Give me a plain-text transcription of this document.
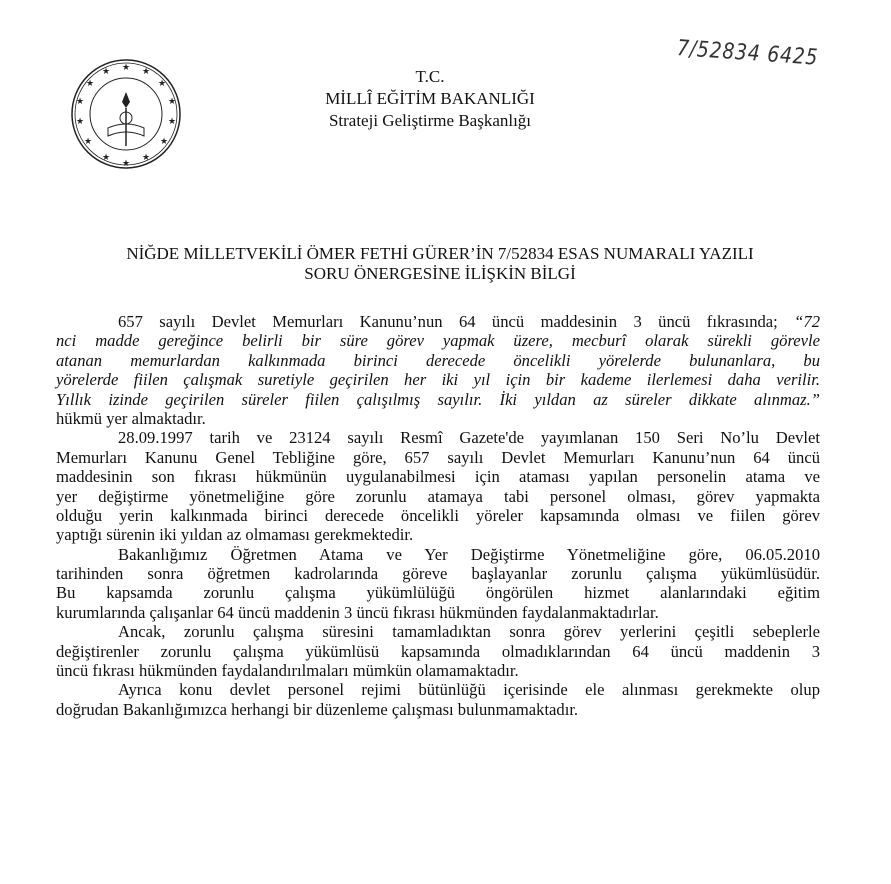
★
★	★
★	★
★	★
★	★
★	★
★	★
★
7/52834 6425
T.C.
MİLLÎ EĞİTİM BAKANLIĞI
Strateji Geliştirme Başkanlığı
NİĞDE MİLLETVEKİLİ ÖMER FETHİ GÜRER’İN 7/52834 ESAS NUMARALI YAZILI
SORU ÖNERGESİNE İLİŞKİN BİLGİ
657 sayılı Devlet Memurları Kanunu’nun 64 üncü maddesinin 3 üncü fıkrasında; “72
nci madde gereğince belirli bir süre görev yapmak üzere, mecburî olarak sürekli görevle
atanan memurlardan kalkınmada birinci derecede öncelikli yörelerde bulunanlara, bu
yörelerde fiilen çalışmak suretiyle geçirilen her iki yıl için bir kademe ilerlemesi daha verilir.
Yıllık izinde geçirilen süreler fiilen çalışılmış sayılır. İki yıldan az süreler dikkate alınmaz.”
hükmü yer almaktadır.
28.09.1997 tarih ve 23124 sayılı Resmî Gazete'de yayımlanan 150 Seri No’lu Devlet
Memurları Kanunu Genel Tebliğine göre, 657 sayılı Devlet Memurları Kanunu’nun 64 üncü
maddesinin son fıkrası hükmünün uygulanabilmesi için ataması yapılan personelin atama ve
yer değiştirme yönetmeliğine göre zorunlu atamaya tabi personel olması, görev yapmakta
olduğu yerin kalkınmada birinci derecede öncelikli yöreler kapsamında olması ve fiilen görev
yaptığı sürenin iki yıldan az olmaması gerekmektedir.
Bakanlığımız Öğretmen Atama ve Yer Değiştirme Yönetmeliğine göre, 06.05.2010
tarihinden sonra öğretmen kadrolarında göreve başlayanlar zorunlu çalışma yükümlüsüdür.
Bu kapsamda zorunlu çalışma yükümlülüğü öngörülen hizmet alanlarındaki eğitim
kurumlarında çalışanlar 64 üncü maddenin 3 üncü fıkrası hükmünden faydalanmaktadırlar.
Ancak, zorunlu çalışma süresini tamamladıktan sonra görev yerlerini çeşitli sebeplerle
değiştirenler zorunlu çalışma yükümlüsü kapsamında olmadıklarından 64 üncü maddenin 3
üncü fıkrası hükmünden faydalandırılmaları mümkün olamamaktadır.
Ayrıca konu devlet personel rejimi bütünlüğü içerisinde ele alınması gerekmekte olup
doğrudan Bakanlığımızca herhangi bir düzenleme çalışması bulunmamaktadır.
